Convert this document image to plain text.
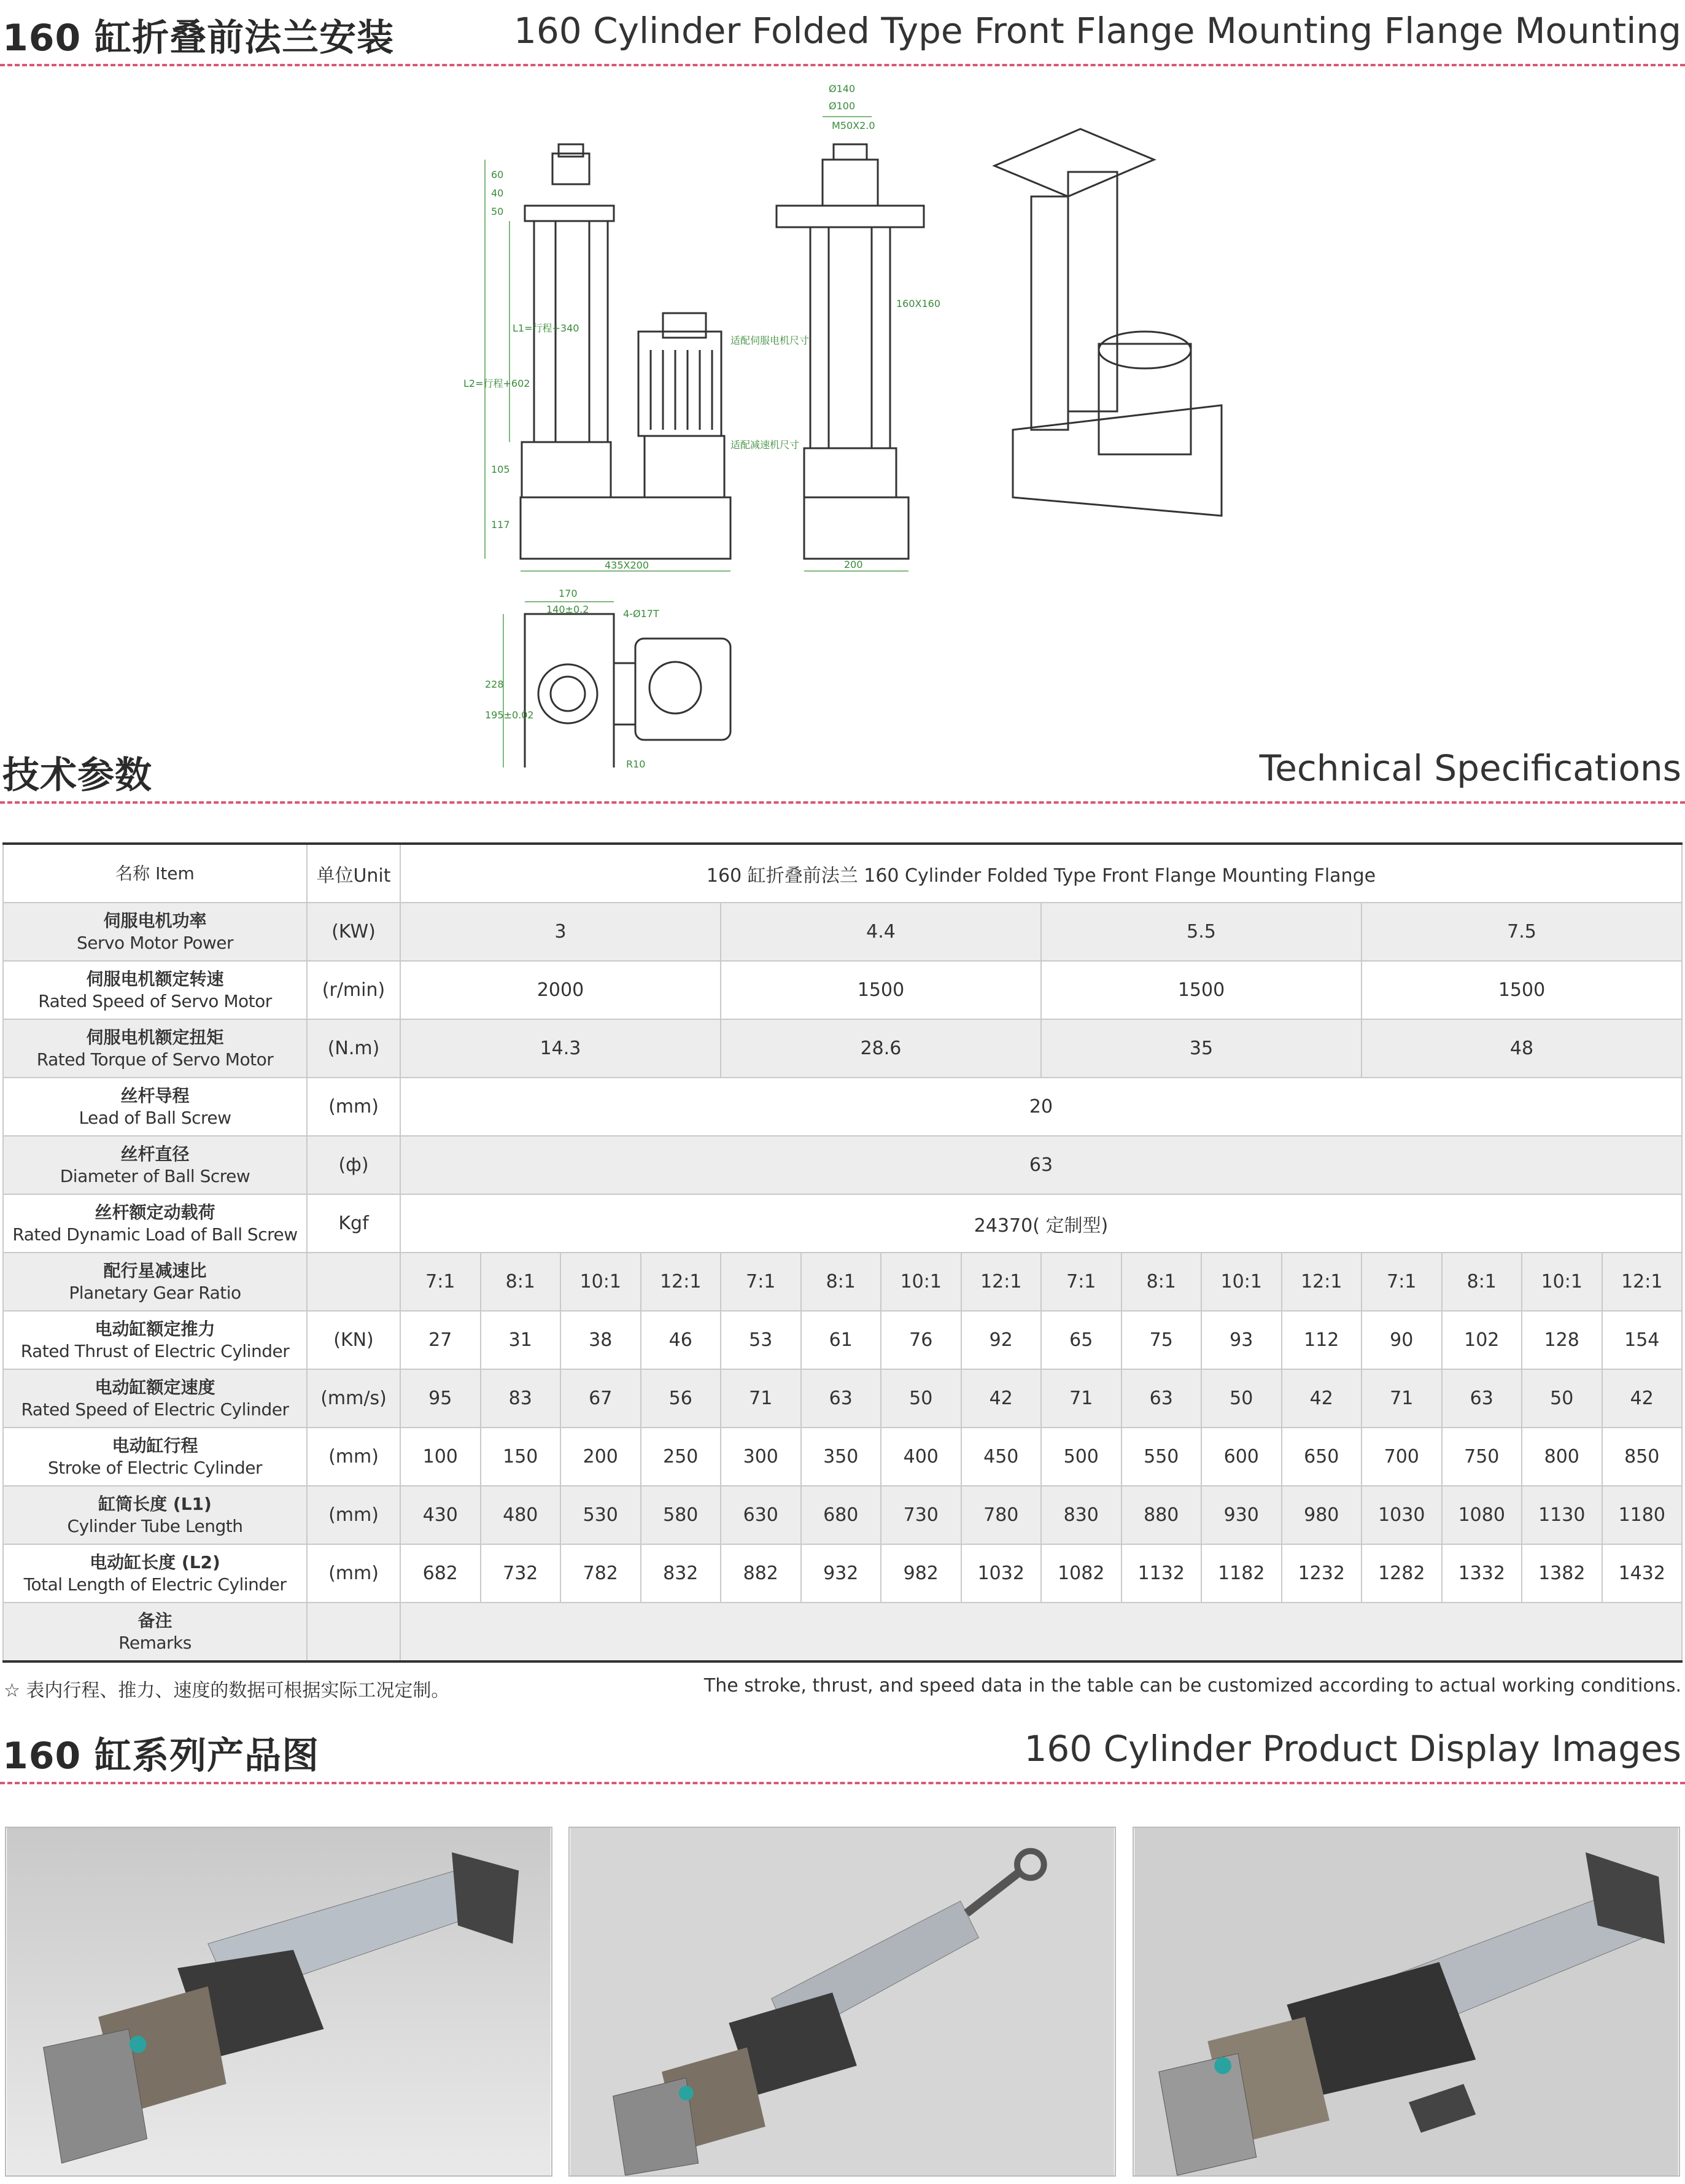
160 缸折叠前法兰安装	160 Cylinder Folded Type Front Flange Mounting Flange Mounting
60
40
50
L1=行程+340
L2=行程+602
105
117
435X200
Ø140
Ø100
M50X2.0
160X160
200
170
140±0.2	4-Ø17T
228
195±0.02
R10
适配伺服电机尺寸
适配减速机尺寸
技术参数	Technical Specifications
名称 Item	单位Unit	160 缸折叠前法兰 160 Cylinder Folded Type Front Flange Mounting Flange															
伺服电机功率
Servo Motor Power	(KW)	3				4.4				5.5				7.5			
伺服电机额定转速
Rated Speed of Servo Motor	(r/min)	2000				1500				1500				1500			
伺服电机额定扭矩
Rated Torque of Servo Motor	(N.m)	14.3				28.6				35				48			
丝杆导程
Lead of Ball Screw	(mm)	20															
丝杆直径
Diameter of Ball Screw	(ф)	63															
丝杆额定动载荷
Rated Dynamic Load of Ball Screw	Kgf	24370( 定制型)															
配行星减速比
Planetary Gear Ratio		7:1	8:1	10:1	12:1	7:1	8:1	10:1	12:1	7:1	8:1	10:1	12:1	7:1	8:1	10:1	12:1
电动缸额定推力
Rated Thrust of Electric Cylinder	(KN)	27	31	38	46	53	61	76	92	65	75	93	112	90	102	128	154
电动缸额定速度
Rated Speed of Electric Cylinder	(mm/s)	95	83	67	56	71	63	50	42	71	63	50	42	71	63	50	42
电动缸行程
Stroke of Electric Cylinder	(mm)	100	150	200	250	300	350	400	450	500	550	600	650	700	750	800	850
缸筒长度 (L1)
Cylinder Tube Length	(mm)	430	480	530	580	630	680	730	780	830	880	930	980	1030	1080	1130	1180
电动缸长度 (L2)
Total Length of Electric Cylinder	(mm)	682	732	782	832	882	932	982	1032	1082	1132	1182	1232	1282	1332	1382	1432
备注
Remarks																	

☆ 表内行程、推力、速度的数据可根据实际工况定制。	The stroke, thrust, and speed data in the table can be customized according to actual working conditions.
160 缸系列产品图	160 Cylinder Product Display Images
